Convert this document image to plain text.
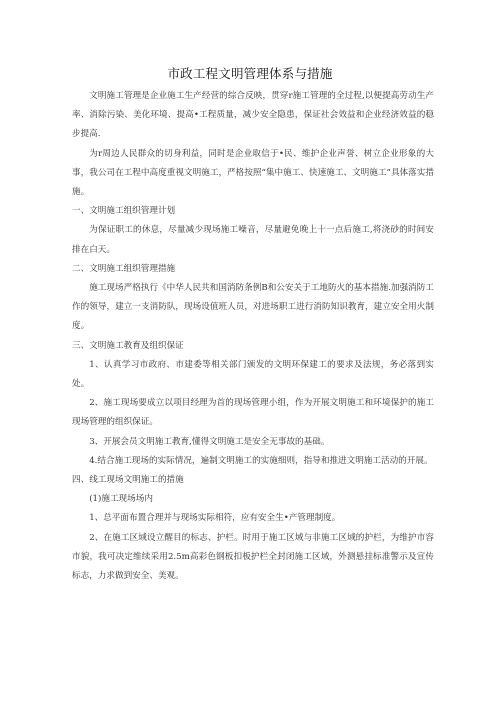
市政工程文明管理体系与措施

文明施工管理是企业施工生产经营的综合反映，贯穿r施工管理的全过程,以便提高劳动生产率、消除污染、美化环境、提高•工程质量，减少安全隐患，保证社会效益和企业经济效益的稳步提高.

为r周边人民群众的切身利益，同时是企业取信于•民、维护企业声誉、树立企业形象的大事，我公司在工程中高度重视文明施工，严格按照“集中施工、快速施工、文明施工”具体落实措施。

一、文明施工组织管理计划

为保证职工的休息，尽量减少现场施工噪音，尽量避免晚上十一点后施工,将浇砂的时间安排在白天。

二、文明施工组织管理措施

施工现场严格执行《中华人民共和国消防条例B和公安关于工地防火的基本措施.加强消防工作的领导，建立一支消防队，现场设值班人员，对进场职工进行消防知识教育，建立安全用火制度。

三、文明施工教育及组织保证

1、认真学习市政府、市建委等相关部门颁发的文明环保建工的要求及法规，务必落到实处。

2、施工现场要成立以项目经理为首的现场管理小组，作为开展文明施工和环境保护的施工现场管理的组织保证。

3、开展会员文明施工教育,懂得文明施工是安全无事故的基础。

4.结合施工现场的实际情况，遍制文明施工的实施细则，指导和推进文明施工活动的开展。

四、线工现场文明施工的措施

(1)施工现场场内

1、总平面布置合理并与现场实际相符，应有安全生•产管理制度。

2、在施工区域设立醒目的标志、护栏。时用于施工区域与非施工区域的护栏，为维护市容市貌，我可决定维续采用2.5m高彩色钢板扣板护栏全封闭施工区域，外测悬挂标准警示及宣传标志，力求做到安全、美观。
